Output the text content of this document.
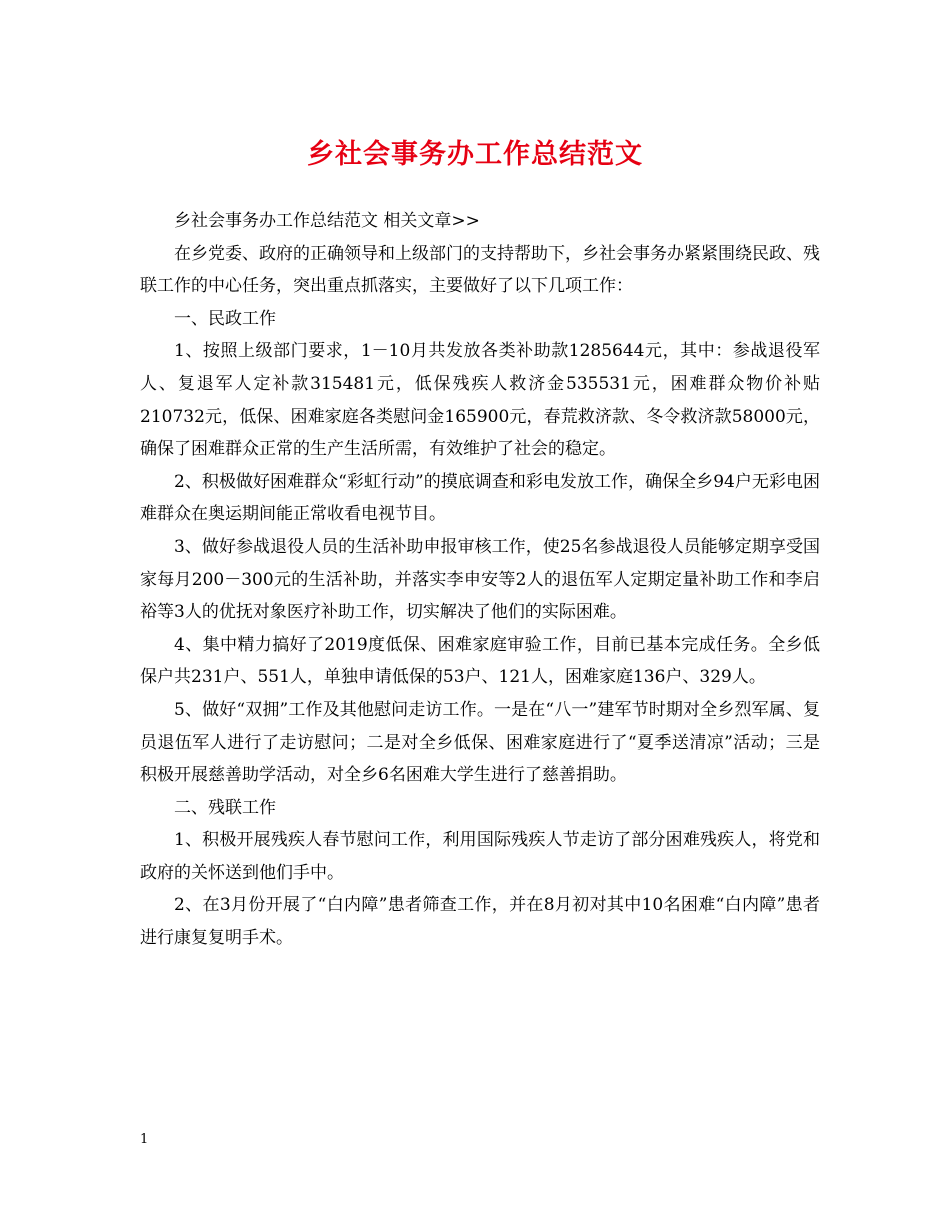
乡社会事务办工作总结范文

乡社会事务办工作总结范文 相关文章>>

在乡党委、政府的正确领导和上级部门的支持帮助下，乡社会事务办紧紧围绕民政、残联工作的中心任务，突出重点抓落实，主要做好了以下几项工作：

一、民政工作

1、按照上级部门要求，1－10月共发放各类补助款1285644元，其中：参战退役军人、复退军人定补款315481元，低保残疾人救济金535531元，困难群众物价补贴210732元，低保、困难家庭各类慰问金165900元，春荒救济款、冬令救济款58000元，确保了困难群众正常的生产生活所需，有效维护了社会的稳定。

2、积极做好困难群众“彩虹行动”的摸底调查和彩电发放工作，确保全乡94户无彩电困难群众在奥运期间能正常收看电视节目。

3、做好参战退役人员的生活补助申报审核工作，使25名参战退役人员能够定期享受国家每月200－300元的生活补助，并落实李申安等2人的退伍军人定期定量补助工作和李启裕等3人的优抚对象医疗补助工作，切实解决了他们的实际困难。

4、集中精力搞好了2019度低保、困难家庭审验工作，目前已基本完成任务。全乡低保户共231户、551人，单独申请低保的53户、121人，困难家庭136户、329人。

5、做好“双拥”工作及其他慰问走访工作。一是在“八一”建军节时期对全乡烈军属、复员退伍军人进行了走访慰问；二是对全乡低保、困难家庭进行了“夏季送清凉”活动；三是积极开展慈善助学活动，对全乡6名困难大学生进行了慈善捐助。

二、残联工作

1、积极开展残疾人春节慰问工作，利用国际残疾人节走访了部分困难残疾人，将党和政府的关怀送到他们手中。

2、在3月份开展了“白内障”患者筛查工作，并在8月初对其中10名困难“白内障”患者进行康复复明手术。

1
